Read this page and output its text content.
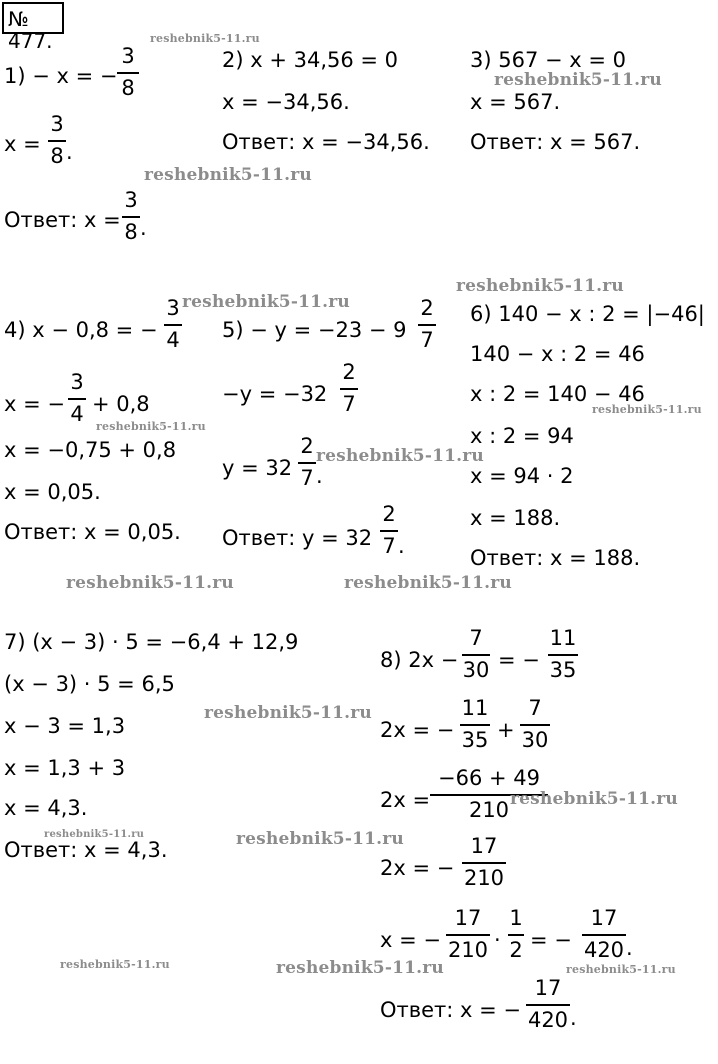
№ 477.
1) − x = −
3
8
x =
3
8 .
Ответ: x =
3
8 .
2) x + 34,56 = 0
x = −34,56.
Ответ: x = −34,56.
3) 567 − x = 0
x = 567.
Ответ: x = 567.
4) x − 0,8 = −
3
4
x = −
3
4 + 0,8
x = −0,75 + 0,8
x = 0,05.
Ответ: x = 0,05.
5) − y = −23 − 9
2
7
−y = −32
2
7
y = 32
2
7 .
Ответ: y = 32
2
7 .
6) 140 − x : 2 = |−46|
140 − x : 2 = 46
x : 2 = 140 − 46
x : 2 = 94
x = 94 · 2
x = 188.
Ответ: x = 188.
7) (x − 3) · 5 = −6,4 + 12,9
(x − 3) · 5 = 6,5
x − 3 = 1,3
x = 1,3 + 3
x = 4,3.
Ответ: x = 4,3.
8) 2x −
7
30 = −
11
35
2x = −
11
35 +
7
30
2x =
−66 + 49
210
2x = −
17
210
x = −
17
210 ·
1
2 = −
17
420 .
Ответ: x = −
17
420 .
reshebnik5-11.ru
reshebnik5-11.ru
reshebnik5-11.ru
reshebnik5-11.ru
reshebnik5-11.ru
reshebnik5-11.ru
reshebnik5-11.ru
reshebnik5-11.ru
reshebnik5-11.ru	reshebnik5-11.ru
reshebnik5-11.ru
reshebnik5-11.ru
reshebnik5-11.ru
reshebnik5-11.ru
reshebnik5-11.ru	reshebnik5-11.ru	reshebnik5-11.ru
